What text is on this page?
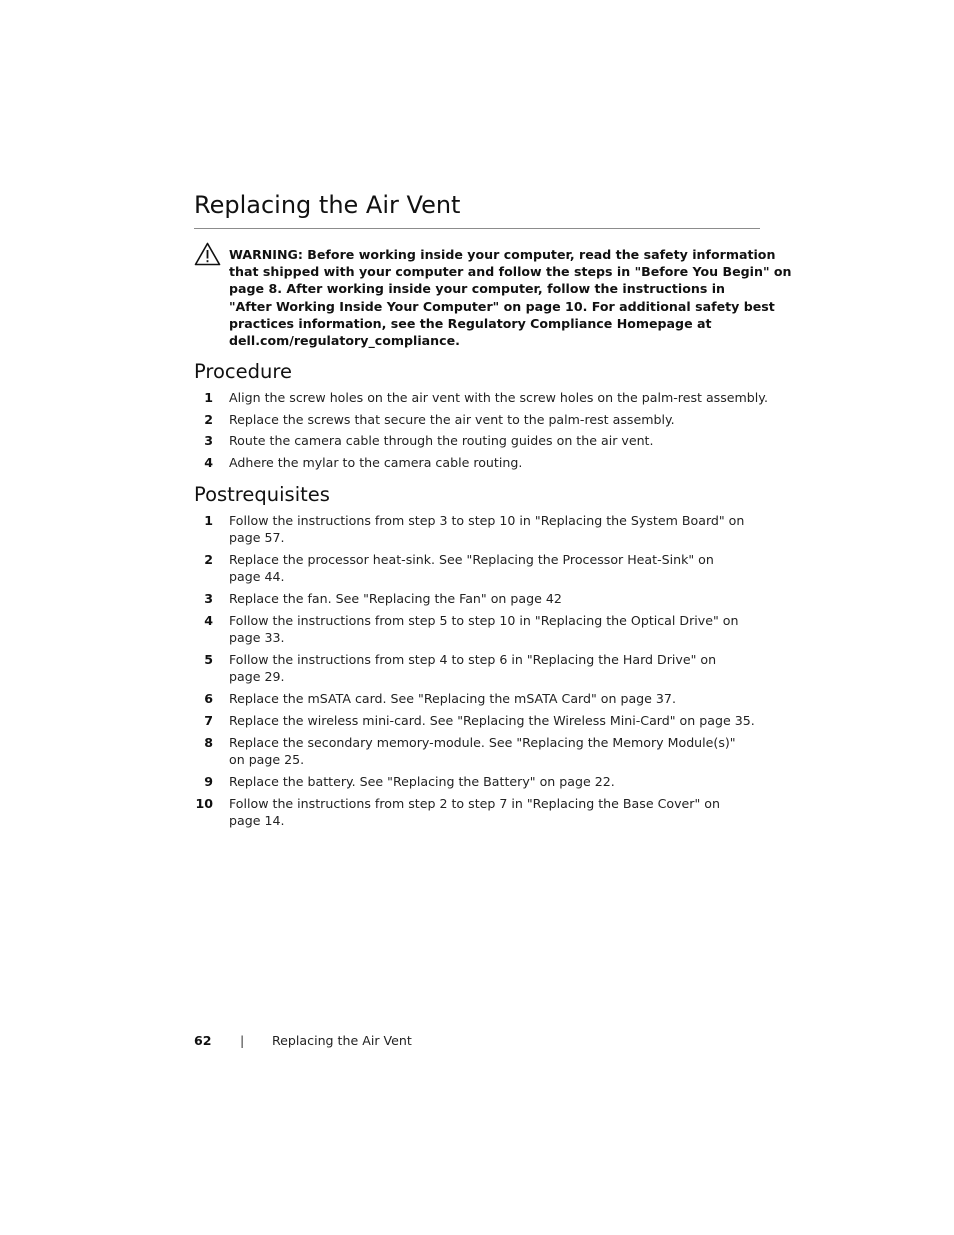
Replacing the Air Vent
WARNING: Before working inside your computer, read the safety information
that shipped with your computer and follow the steps in "Before You Begin" on
page 8. After working inside your computer, follow the instructions in
"After Working Inside Your Computer" on page 10. For additional safety best
practices information, see the Regulatory Compliance Homepage at
dell.com/regulatory_compliance.
Procedure
1 Align the screw holes on the air vent with the screw holes on the palm-rest assembly.
2 Replace the screws that secure the air vent to the palm-rest assembly.
3 Route the camera cable through the routing guides on the air vent.
4 Adhere the mylar to the camera cable routing.
Postrequisites
1 Follow the instructions from step 3 to step 10 in "Replacing the System Board" on
page 57.
2 Replace the processor heat-sink. See "Replacing the Processor Heat-Sink" on
page 44.
3 Replace the fan. See "Replacing the Fan" on page 42
4 Follow the instructions from step 5 to step 10 in "Replacing the Optical Drive" on
page 33.
5 Follow the instructions from step 4 to step 6 in "Replacing the Hard Drive" on
page 29.
6 Replace the mSATA card. See "Replacing the mSATA Card" on page 37.
7 Replace the wireless mini-card. See "Replacing the Wireless Mini-Card" on page 35.
8 Replace the secondary memory-module. See "Replacing the Memory Module(s)"
on page 25.
9 Replace the battery. See "Replacing the Battery" on page 22.
10 Follow the instructions from step 2 to step 7 in "Replacing the Base Cover" on
page 14.
62 | Replacing the Air Vent
